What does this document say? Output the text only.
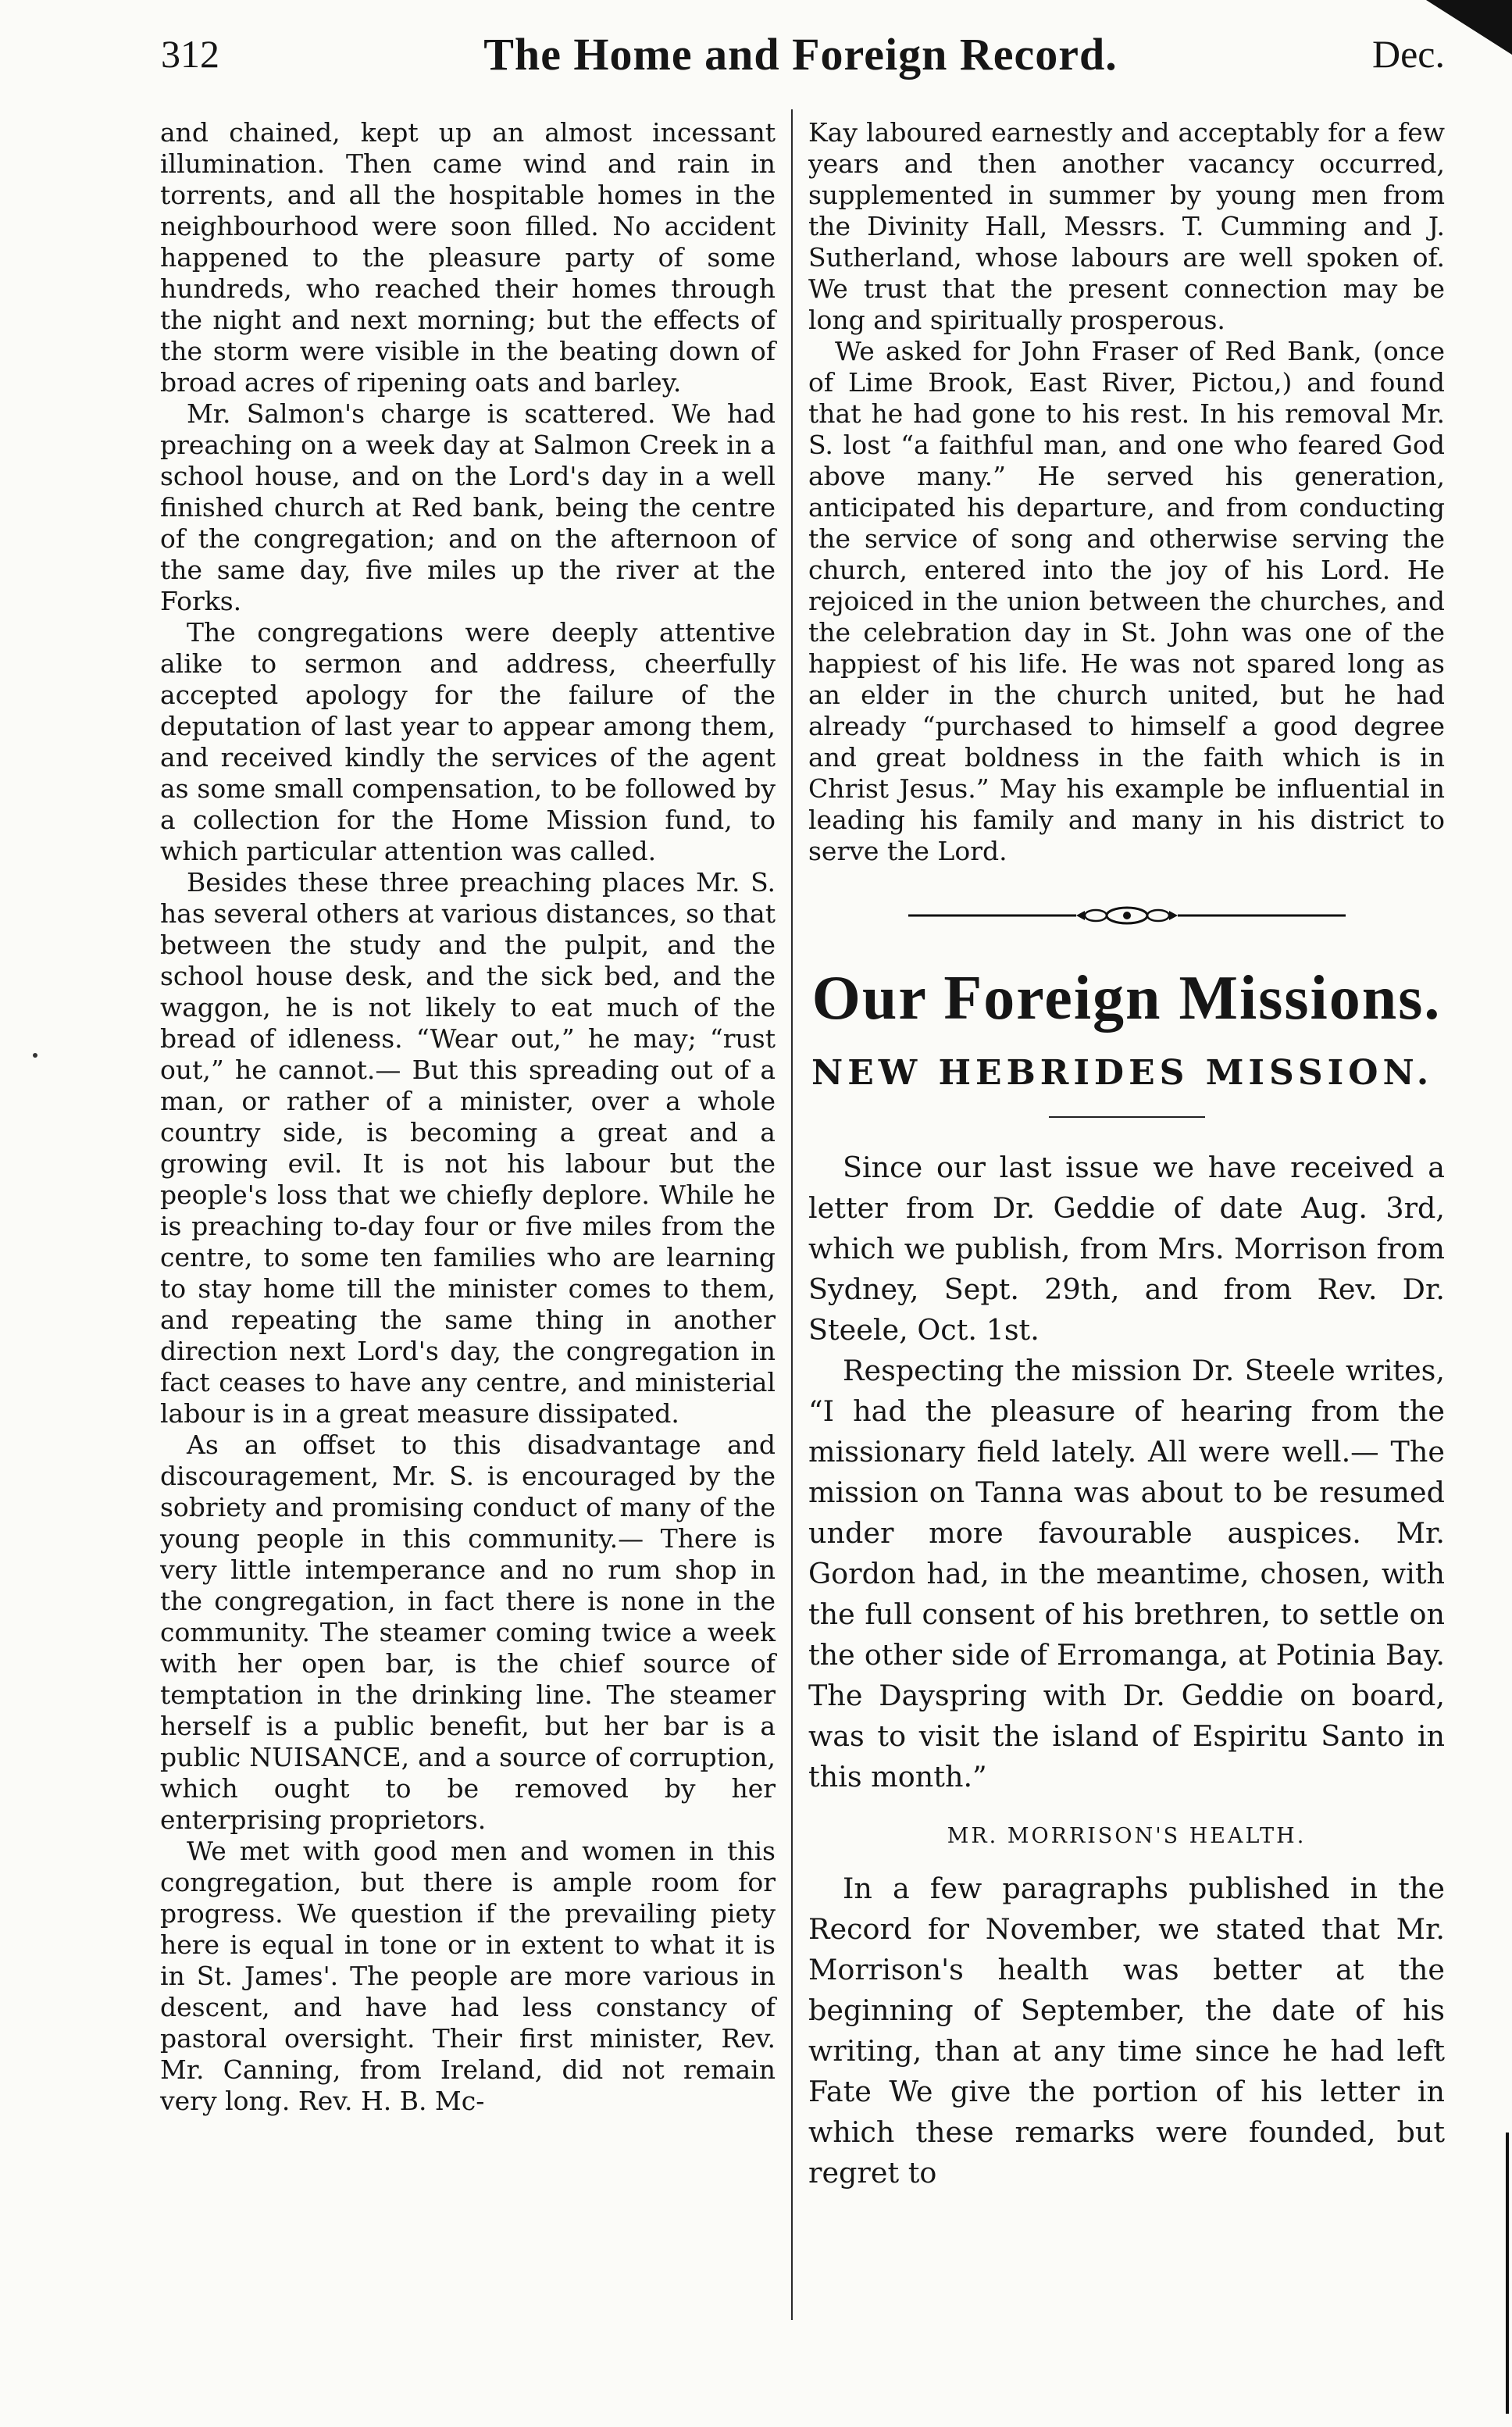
312	The Home and Foreign Record.	Dec.

and chained, kept up an almost incessant illumination. Then came wind and rain in torrents, and all the hospitable homes in the neighbourhood were soon filled. No accident happened to the pleasure party of some hundreds, who reached their homes through the night and next morning; but the effects of the storm were visible in the beating down of broad acres of ripening oats and barley.

Mr. Salmon's charge is scattered. We had preaching on a week day at Salmon Creek in a school house, and on the Lord's day in a well finished church at Red bank, being the centre of the congregation; and on the afternoon of the same day, five miles up the river at the Forks.

The congregations were deeply attentive alike to sermon and address, cheerfully accepted apology for the failure of the deputation of last year to appear among them, and received kindly the services of the agent as some small compensation, to be followed by a collection for the Home Mission fund, to which particular attention was called.

Besides these three preaching places Mr. S. has several others at various distances, so that between the study and the pulpit, and the school house desk, and the sick bed, and the waggon, he is not likely to eat much of the bread of idleness. “Wear out,” he may; “rust out,” he cannot.— But this spreading out of a man, or rather of a minister, over a whole country side, is becoming a great and a growing evil. It is not his labour but the people's loss that we chiefly deplore. While he is preaching to-day four or five miles from the centre, to some ten families who are learning to stay home till the minister comes to them, and repeating the same thing in another direction next Lord's day, the congregation in fact ceases to have any centre, and ministerial labour is in a great measure dissipated.

As an offset to this disadvantage and discouragement, Mr. S. is encouraged by the sobriety and promising conduct of many of the young people in this community.— There is very little intemperance and no rum shop in the congregation, in fact there is none in the community. The steamer coming twice a week with her open bar, is the chief source of temptation in the drinking line. The steamer herself is a public benefit, but her bar is a public NUISANCE, and a source of corruption, which ought to be removed by her enterprising proprietors.

We met with good men and women in this congregation, but there is ample room for progress. We question if the prevailing piety here is equal in tone or in extent to what it is in St. James'. The people are more various in descent, and have had less constancy of pastoral oversight. Their first minister, Rev. Mr. Canning, from Ireland, did not remain very long. Rev. H. B. Mc-

Kay laboured earnestly and acceptably for a few years and then another vacancy occurred, supplemented in summer by young men from the Divinity Hall, Messrs. T. Cumming and J. Sutherland, whose labours are well spoken of. We trust that the present connection may be long and spiritually prosperous.

We asked for John Fraser of Red Bank, (once of Lime Brook, East River, Pictou,) and found that he had gone to his rest. In his removal Mr. S. lost “a faithful man, and one who feared God above many.” He served his generation, anticipated his departure, and from conducting the service of song and otherwise serving the church, entered into the joy of his Lord. He rejoiced in the union between the churches, and the celebration day in St. John was one of the happiest of his life. He was not spared long as an elder in the church united, but he had already “purchased to himself a good degree and great boldness in the faith which is in Christ Jesus.” May his example be influential in leading his family and many in his district to serve the Lord.

Our Foreign Missions.
NEW HEBRIDES MISSION.

Since our last issue we have received a letter from Dr. Geddie of date Aug. 3rd, which we publish, from Mrs. Morrison from Sydney, Sept. 29th, and from Rev. Dr. Steele, Oct. 1st.

Respecting the mission Dr. Steele writes, “I had the pleasure of hearing from the missionary field lately. All were well.— The mission on Tanna was about to be resumed under more favourable auspices. Mr. Gordon had, in the meantime, chosen, with the full consent of his brethren, to settle on the other side of Erromanga, at Potinia Bay. The Dayspring with Dr. Geddie on board, was to visit the island of Espiritu Santo in this month.”

MR. MORRISON'S HEALTH.

In a few paragraphs published in the Record for November, we stated that Mr. Morrison's health was better at the beginning of September, the date of his writing, than at any time since he had left Fate We give the portion of his letter in which these remarks were founded, but regret to
